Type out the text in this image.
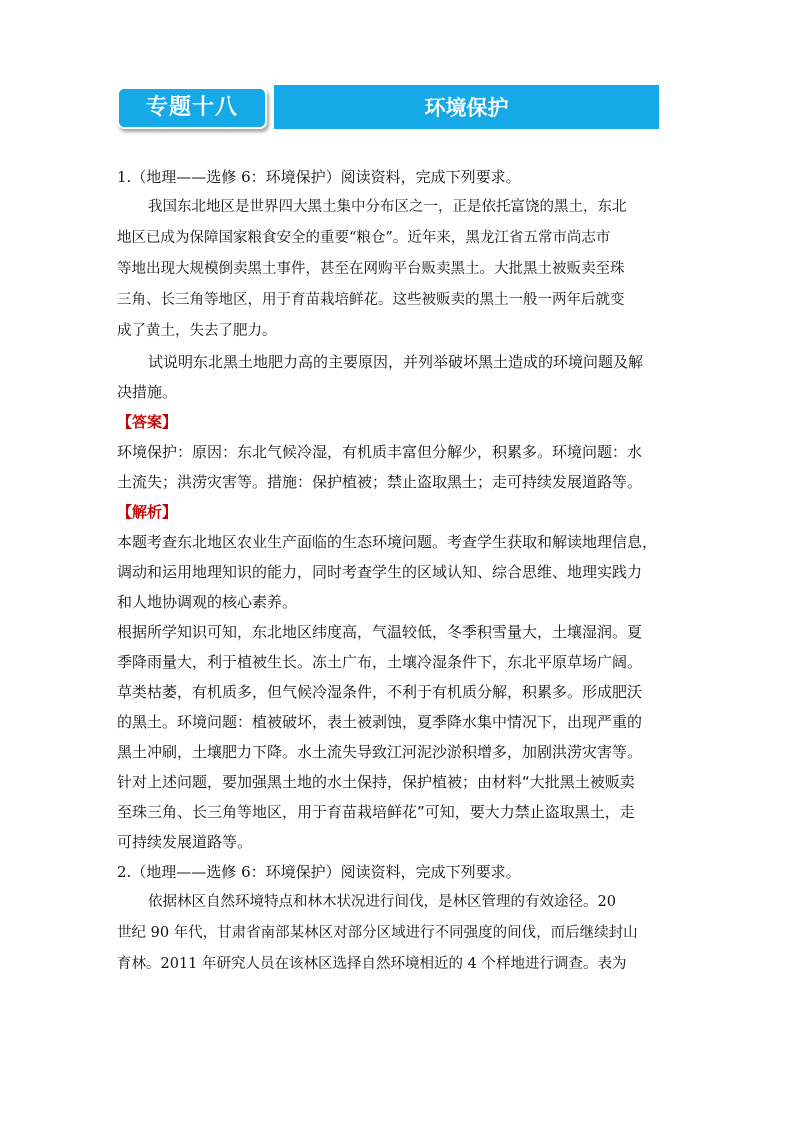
专题十八	环境保护
1.（地理——选修 6：环境保护）阅读资料，完成下列要求。
我国东北地区是世界四大黑土集中分布区之一，正是依托富饶的黑土，东北
地区已成为保障国家粮食安全的重要“粮仓”。近年来，黑龙江省五常市尚志市
等地出现大规模倒卖黑土事件，甚至在网购平台贩卖黑土。大批黑土被贩卖至珠
三角、长三角等地区，用于育苗栽培鲜花。这些被贩卖的黑土一般一两年后就变
成了黄土，失去了肥力。
试说明东北黑土地肥力高的主要原因，并列举破坏黑土造成的环境问题及解
决措施。
【答案】
环境保护：原因：东北气候冷湿，有机质丰富但分解少，积累多。环境问题：水
土流失；洪涝灾害等。措施：保护植被；禁止盗取黑土；走可持续发展道路等。
【解析】
本题考查东北地区农业生产面临的生态环境问题。考查学生获取和解读地理信息，
调动和运用地理知识的能力，同时考查学生的区域认知、综合思维、地理实践力
和人地协调观的核心素养。
根据所学知识可知，东北地区纬度高，气温较低，冬季积雪量大，土壤湿润。夏
季降雨量大，利于植被生长。冻土广布，土壤冷湿条件下，东北平原草场广阔。
草类枯萎，有机质多，但气候冷湿条件，不利于有机质分解，积累多。形成肥沃
的黑土。环境问题：植被破坏，表土被剥蚀，夏季降水集中情况下，出现严重的
黑土冲刷，土壤肥力下降。水土流失导致江河泥沙淤积增多，加剧洪涝灾害等。
针对上述问题，要加强黑土地的水土保持，保护植被；由材料“大批黑土被贩卖
至珠三角、长三角等地区，用于育苗栽培鲜花”可知，要大力禁止盗取黑土，走
可持续发展道路等。
2.（地理——选修 6：环境保护）阅读资料，完成下列要求。
依据林区自然环境特点和林木状况进行间伐，是林区管理的有效途径。20
世纪 90 年代，甘肃省南部某林区对部分区域进行不同强度的间伐，而后继续封山
育林。2011 年研究人员在该林区选择自然环境相近的 4 个样地进行调查。表为
